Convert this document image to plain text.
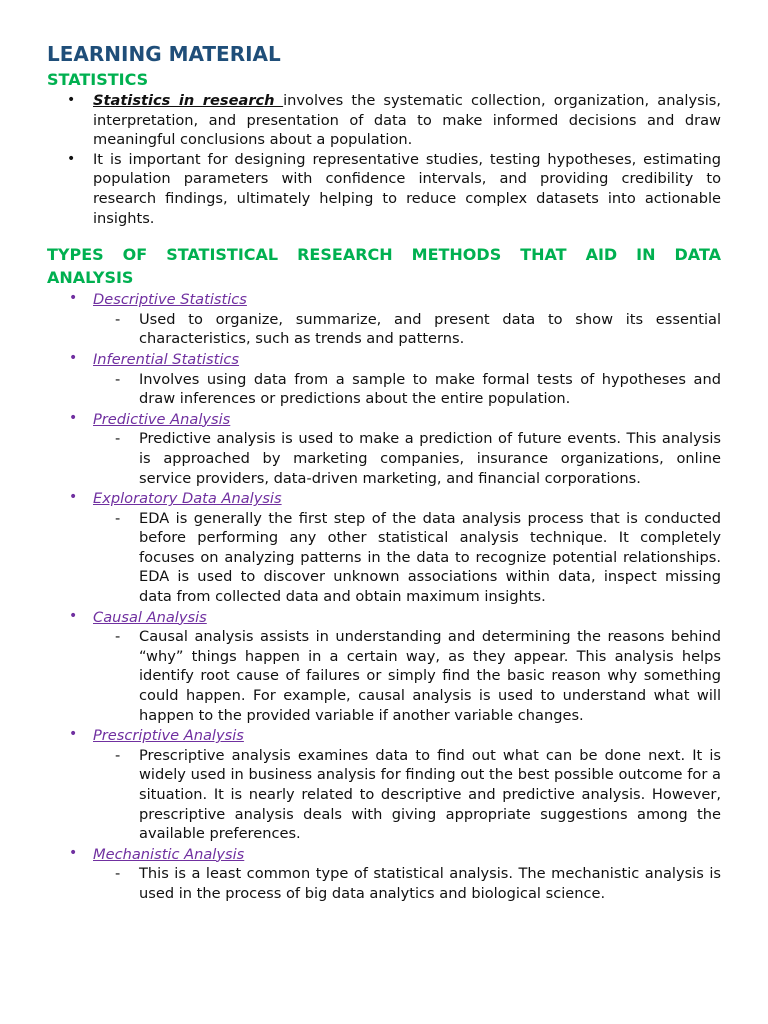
LEARNING MATERIAL
STATISTICS
• Statistics in research involves the systematic collection, organization, analysis, interpretation, and presentation of data to make informed decisions and draw meaningful conclusions about a population.
• It is important for designing representative studies, testing hypotheses, estimating population parameters with confidence intervals, and providing credibility to research findings, ultimately helping to reduce complex datasets into actionable insights.
TYPES OF STATISTICAL RESEARCH METHODS THAT AID IN DATA ANALYSIS
• Descriptive Statistics
- Used to organize, summarize, and present data to show its essential characteristics, such as trends and patterns.
• Inferential Statistics
- Involves using data from a sample to make formal tests of hypotheses and draw inferences or predictions about the entire population.
• Predictive Analysis
- Predictive analysis is used to make a prediction of future events. This analysis is approached by marketing companies, insurance organizations, online service providers, data-driven marketing, and financial corporations.
• Exploratory Data Analysis
- EDA is generally the first step of the data analysis process that is conducted before performing any other statistical analysis technique. It completely focuses on analyzing patterns in the data to recognize potential relationships. EDA is used to discover unknown associations within data, inspect missing data from collected data and obtain maximum insights.
• Causal Analysis
- Causal analysis assists in understanding and determining the reasons behind “why” things happen in a certain way, as they appear. This analysis helps identify root cause of failures or simply find the basic reason why something could happen. For example, causal analysis is used to understand what will happen to the provided variable if another variable changes.
• Prescriptive Analysis
- Prescriptive analysis examines data to find out what can be done next. It is widely used in business analysis for finding out the best possible outcome for a situation. It is nearly related to descriptive and predictive analysis. However, prescriptive analysis deals with giving appropriate suggestions among the available preferences.
• Mechanistic Analysis
- This is a least common type of statistical analysis. The mechanistic analysis is used in the process of big data analytics and biological science.
